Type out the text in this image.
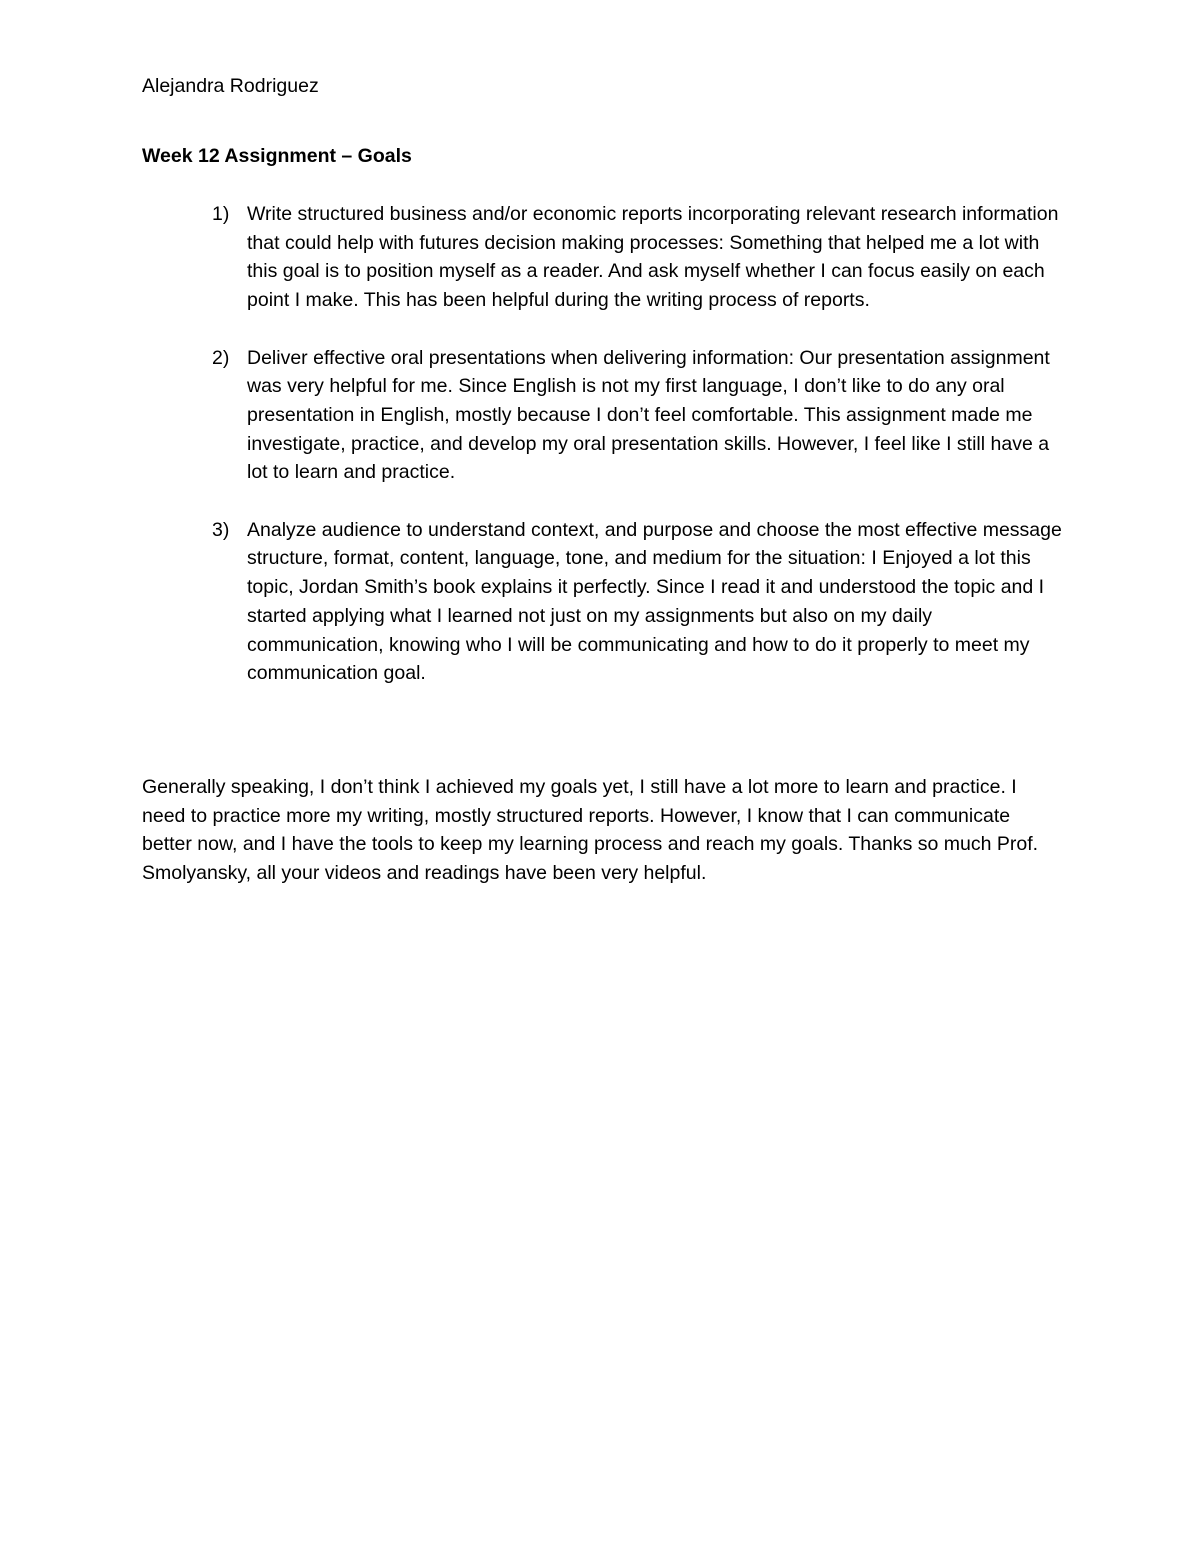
Alejandra Rodriguez

Week 12 Assignment – Goals

1) Write structured business and/or economic reports incorporating relevant research information that could help with futures decision making processes: Something that helped me a lot with this goal is to position myself as a reader. And ask myself whether I can focus easily on each point I make. This has been helpful during the writing process of reports.
2) Deliver effective oral presentations when delivering information: Our presentation assignment was very helpful for me. Since English is not my first language, I don’t like to do any oral presentation in English, mostly because I don’t feel comfortable. This assignment made me investigate, practice, and develop my oral presentation skills. However, I feel like I still have a lot to learn and practice.
3) Analyze audience to understand context, and purpose and choose the most effective message structure, format, content, language, tone, and medium for the situation: I Enjoyed a lot this topic, Jordan Smith’s book explains it perfectly. Since I read it and understood the topic and I started applying what I learned not just on my assignments but also on my daily communication, knowing who I will be communicating and how to do it properly to meet my communication goal.

Generally speaking, I don’t think I achieved my goals yet, I still have a lot more to learn and practice. I need to practice more my writing, mostly structured reports. However, I know that I can communicate better now, and I have the tools to keep my learning process and reach my goals. Thanks so much Prof. Smolyansky, all your videos and readings have been very helpful.
